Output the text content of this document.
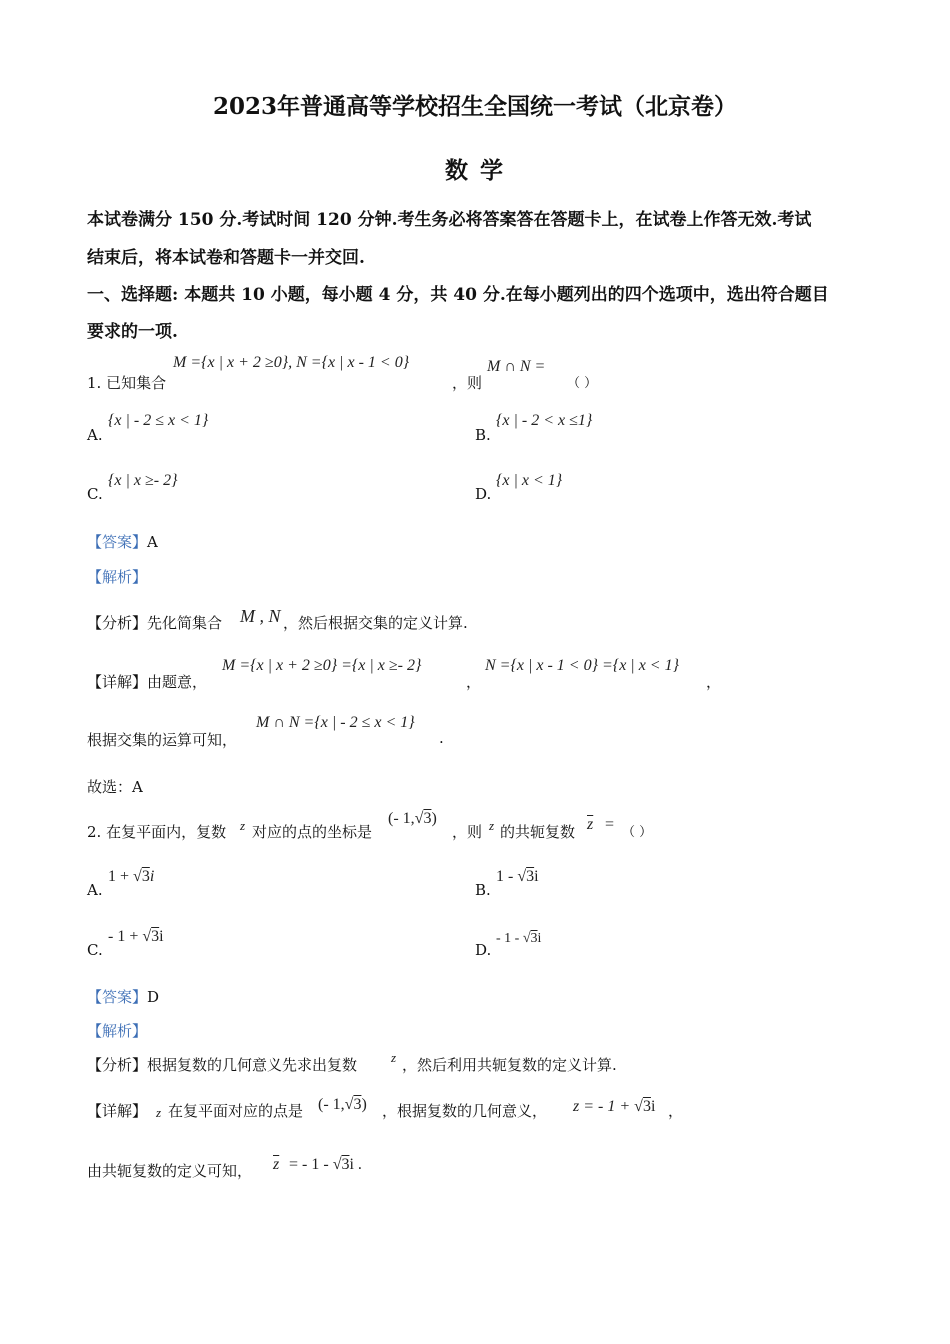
2023年普通高等学校招生全国统一考试（北京卷）
数 学
本试卷满分 150 分.考试时间 120 分钟.考生务必将答案答在答题卡上，在试卷上作答无效.考试
结束后，将本试卷和答题卡一并交回.
一、选择题: 本题共 10 小题，每小题 4 分，共 40 分.在每小题列出的四个选项中，选出符合题目
要求的一项.
1. 已知集合
M ={x | x + 2 ≥0}, N ={x | x - 1 < 0}
，则
M ∩ N =
（ ）
A.
{x | - 2 ≤ x < 1}
B.
{x | - 2 < x ≤1}
C.
{x | x ≥- 2}
D.
{x | x < 1}
【答案】A
【解析】
【分析】先化简集合 M , N ，然后根据交集的定义计算.
【详解】由题意，
M ={x | x + 2 ≥0} ={x | x ≥- 2}
，
N ={x | x - 1 < 0} ={x | x < 1}
，
根据交集的运算可知，
M ∩ N ={x | - 2 ≤ x < 1}
.
故选：A
2. 在复平面内，复数 z 对应的点的坐标是
(- 1,√3)
，则 z 的共轭复数 $\overline{z}$ = （ ）
A.
1 + √3i
B.
1 - √3i
C.
- 1 + √3i
D.
- 1 - √3i
【答案】D
【解析】
【分析】根据复数的几何意义先求出复数	z ，然后利用共轭复数的定义计算.
【详解】 z 在复平面对应的点是 (- 1,√3) ，根据复数的几何意义， z = - 1 + √3i ，
由共轭复数的定义可知， $\overline{z}$ = - 1 - √3i .
